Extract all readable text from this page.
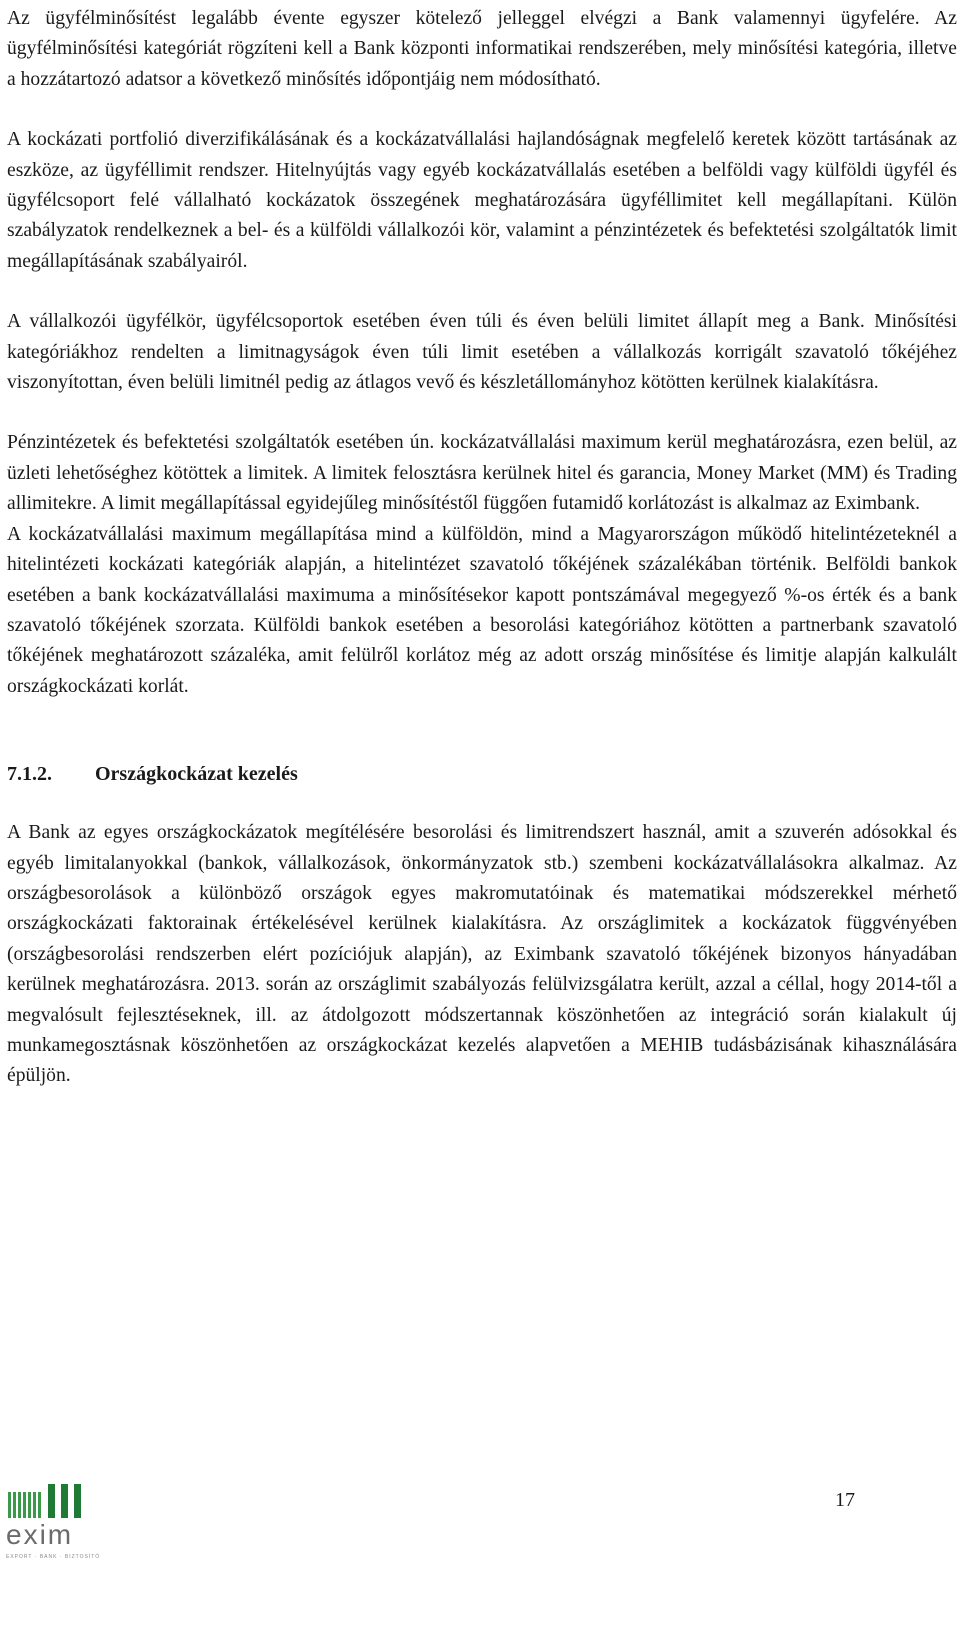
Az ügyfélminősítést legalább évente egyszer kötelező jelleggel elvégzi a Bank valamennyi ügyfelére. Az ügyfélminősítési kategóriát rögzíteni kell a Bank központi informatikai rendszerében, mely minősítési kategória, illetve a hozzátartozó adatsor a következő minősítés időpontjáig nem módosítható.

A kockázati portfolió diverzifikálásának és a kockázatvállalási hajlandóságnak megfelelő keretek között tartásának az eszköze, az ügyféllimit rendszer. Hitelnyújtás vagy egyéb kockázatvállalás esetében a belföldi vagy külföldi ügyfél és ügyfélcsoport felé vállalható kockázatok összegének meghatározására ügyféllimitet kell megállapítani. Külön szabályzatok rendelkeznek a bel- és a külföldi vállalkozói kör, valamint a pénzintézetek és befektetési szolgáltatók limit megállapításának szabályairól.

A vállalkozói ügyfélkör, ügyfélcsoportok esetében éven túli és éven belüli limitet állapít meg a Bank. Minősítési kategóriákhoz rendelten a limitnagyságok éven túli limit esetében a vállalkozás korrigált szavatoló tőkéjéhez viszonyítottan, éven belüli limitnél pedig az átlagos vevő és készletállományhoz kötötten kerülnek kialakításra.

Pénzintézetek és befektetési szolgáltatók esetében ún. kockázatvállalási maximum kerül meghatározásra, ezen belül, az üzleti lehetőséghez kötöttek a limitek. A limitek felosztásra kerülnek hitel és garancia, Money Market (MM) és Trading allimitekre. A limit megállapítással egyidejűleg minősítéstől függően futamidő korlátozást is alkalmaz az Eximbank.

A kockázatvállalási maximum megállapítása mind a külföldön, mind a Magyarországon működő hitelintézeteknél a hitelintézeti kockázati kategóriák alapján, a hitelintézet szavatoló tőkéjének százalékában történik. Belföldi bankok esetében a bank kockázatvállalási maximuma a minősítésekor kapott pontszámával megegyező %-os érték és a bank szavatoló tőkéjének szorzata. Külföldi bankok esetében a besorolási kategóriához kötötten a partnerbank szavatoló tőkéjének meghatározott százaléka, amit felülről korlátoz még az adott ország minősítése és limitje alapján kalkulált országkockázati korlát.

7.1.2.	Országkockázat kezelés

A Bank az egyes országkockázatok megítélésére besorolási és limitrendszert használ, amit a szuverén adósokkal és egyéb limitalanyokkal (bankok, vállalkozások, önkormányzatok stb.) szembeni kockázatvállalásokra alkalmaz. Az országbesorolások a különböző országok egyes makromutatóinak és matematikai módszerekkel mérhető országkockázati faktorainak értékelésével kerülnek kialakításra. Az országlimitek a kockázatok függvényében (országbesorolási rendszerben elért pozíciójuk alapján), az Eximbank szavatoló tőkéjének bizonyos hányadában kerülnek meghatározásra. 2013. során az országlimit szabályozás felülvizsgálatra került, azzal a céllal, hogy 2014-től a megvalósult fejlesztéseknek, ill. az átdolgozott módszertannak köszönhetően az integráció során kialakult új munkamegosztásnak köszönhetően az országkockázat kezelés alapvetően a MEHIB tudásbázisának kihasználására épüljön.

exim
EXPORT · BANK · BIZTOSÍTÓ
17
